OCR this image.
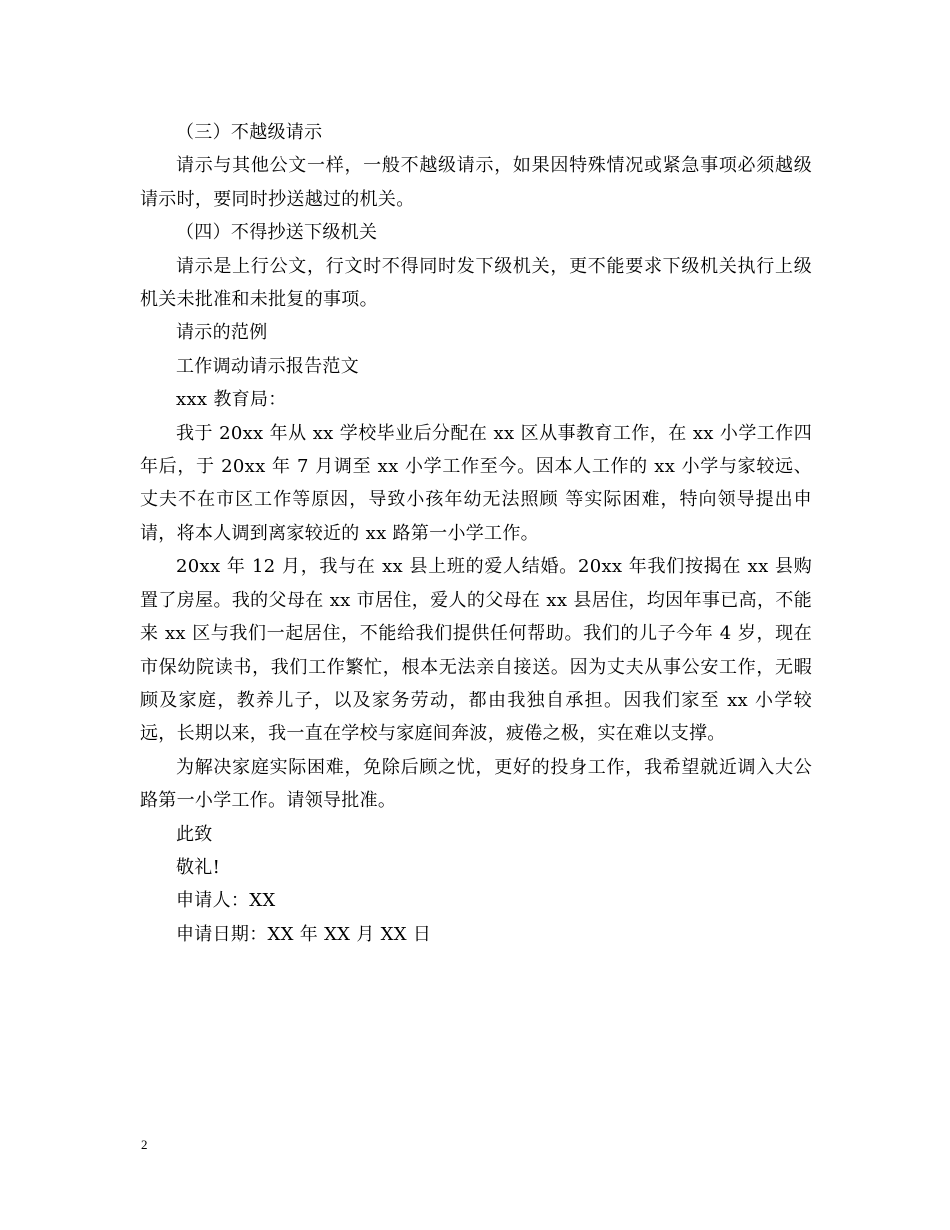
（三）不越级请示

请示与其他公文一样，一般不越级请示，如果因特殊情况或紧急事项必须越级请示时，要同时抄送越过的机关。

（四）不得抄送下级机关

请示是上行公文，行文时不得同时发下级机关，更不能要求下级机关执行上级机关未批准和未批复的事项。

请示的范例

工作调动请示报告范文

xxx 教育局：

我于 20xx 年从 xx 学校毕业后分配在 xx 区从事教育工作，在 xx 小学工作四年后，于 20xx 年 7 月调至 xx 小学工作至今。因本人工作的 xx 小学与家较远、丈夫不在市区工作等原因，导致小孩年幼无法照顾 等实际困难，特向领导提出申请，将本人调到离家较近的 xx 路第一小学工作。

20xx 年 12 月，我与在 xx 县上班的爱人结婚。20xx 年我们按揭在 xx 县购置了房屋。我的父母在 xx 市居住，爱人的父母在 xx 县居住，均因年事已高，不能来 xx 区与我们一起居住，不能给我们提供任何帮助。我们的儿子今年 4 岁，现在市保幼院读书，我们工作繁忙，根本无法亲自接送。因为丈夫从事公安工作，无暇顾及家庭，教养儿子，以及家务劳动，都由我独自承担。因我们家至 xx 小学较远，长期以来，我一直在学校与家庭间奔波，疲倦之极，实在难以支撑。

为解决家庭实际困难，免除后顾之忧，更好的投身工作，我希望就近调入大公路第一小学工作。请领导批准。

此致

敬礼!

申请人：XX

申请日期：XX 年 XX 月 XX 日

2
